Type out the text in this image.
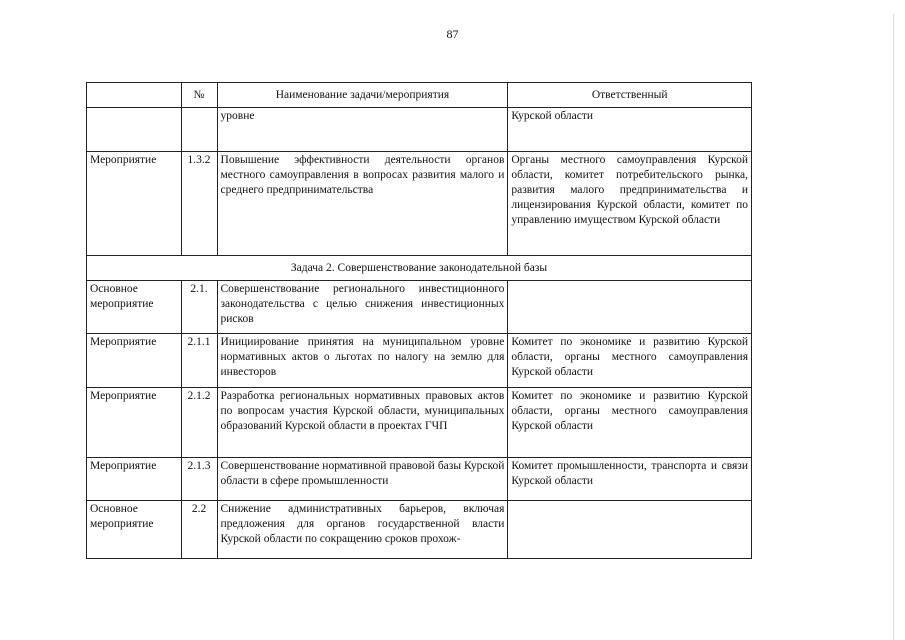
87
	№	Наименование задачи/мероприятия	Ответственный
		уровне	Курской области
Мероприятие	1.3.2	Повышение эффективности деятельности органов местного самоуправления в вопросах развития малого и среднего предпринимательства	Органы местного самоуправления Курской области, комитет потребительского рынка, развития малого предпринимательства и лицензирования Курской области, комитет по управлению имуществом Курской области
Задача 2. Совершенствование законодательной базы			
Основное мероприятие	2.1.	Совершенствование регионального инвестиционного законодательства с целью снижения инвестиционных рисков	
Мероприятие	2.1.1	Инициирование принятия на муниципальном уровне нормативных актов о льготах по налогу на землю для инвесторов	Комитет по экономике и развитию Курской области, органы местного самоуправления Курской области
Мероприятие	2.1.2	Разработка региональных нормативных правовых актов по вопросам участия Курской области, муниципальных образований Курской области в проектах ГЧП	Комитет по экономике и развитию Курской области, органы местного самоуправления Курской области
Мероприятие	2.1.3	Совершенствование нормативной правовой базы Курской области в сфере промышленности	Комитет промышленности, транспорта и связи Курской области
Основное мероприятие	2.2	Снижение административных барьеров, включая предложения для органов государственной власти Курской области по сокращению сроков прохож-	
